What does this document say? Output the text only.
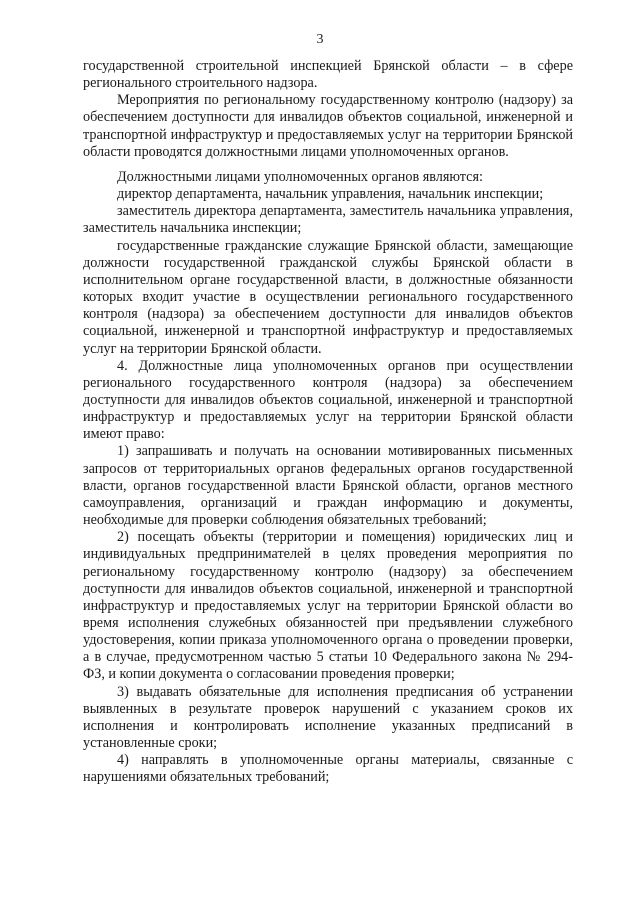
3

государственной строительной инспекцией Брянской области – в сфере регионального строительного надзора.

Мероприятия по региональному государственному контролю (надзору) за обеспечением доступности для инвалидов объектов социальной, инженерной и транспортной инфраструктур и предоставляемых услуг на территории Брянской области проводятся должностными лицами уполномоченных органов.

Должностными лицами уполномоченных органов являются:

директор департамента, начальник управления, начальник инспекции;

заместитель директора департамента, заместитель начальника управления, заместитель начальника инспекции;

государственные гражданские служащие Брянской области, замещающие должности государственной гражданской службы Брянской области в исполнительном органе государственной власти, в должностные обязанности которых входит участие в осуществлении регионального государственного контроля (надзора) за обеспечением доступности для инвалидов объектов социальной, инженерной и транспортной инфраструктур и предоставляемых услуг на территории Брянской области.

4. Должностные лица уполномоченных органов при осуществлении регионального государственного контроля (надзора) за обеспечением доступности для инвалидов объектов социальной, инженерной и транспортной инфраструктур и предоставляемых услуг на территории Брянской области имеют право:

1) запрашивать и получать на основании мотивированных письменных запросов от территориальных органов федеральных органов государственной власти, органов государственной власти Брянской области, органов местного самоуправления, организаций и граждан информацию и документы, необходимые для проверки соблюдения обязательных требований;

2) посещать объекты (территории и помещения) юридических лиц и индивидуальных предпринимателей в целях проведения мероприятия по региональному государственному контролю (надзору) за обеспечением доступности для инвалидов объектов социальной, инженерной и транспортной инфраструктур и предоставляемых услуг на территории Брянской области во время исполнения служебных обязанностей при предъявлении служебного удостоверения, копии приказа уполномоченного органа о проведении проверки, а в случае, предусмотренном частью 5 статьи 10 Федерального закона № 294-ФЗ, и копии документа о согласовании проведения проверки;

3) выдавать обязательные для исполнения предписания об устранении выявленных в результате проверок нарушений с указанием сроков их исполнения и контролировать исполнение указанных предписаний в установленные сроки;

4) направлять в уполномоченные органы материалы, связанные с нарушениями обязательных требований;
